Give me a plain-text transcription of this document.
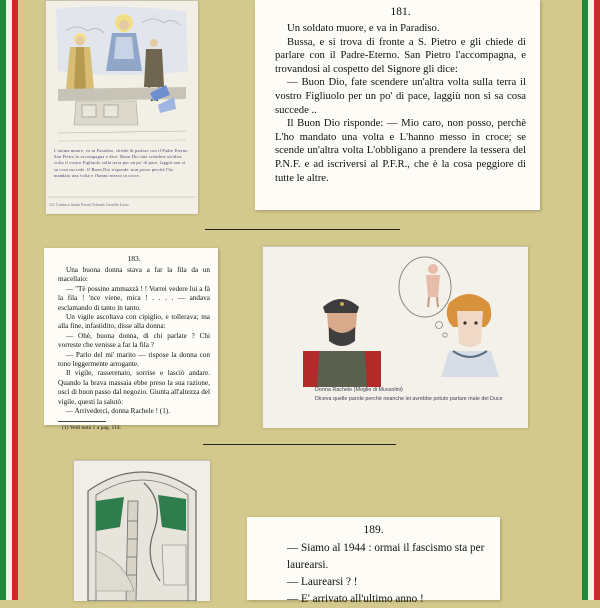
L'anima muore, va in Paradiso, chiede di parlare con il Padre Eterno. San Pietro lo accompagna e dice: Buon Dio fate scendere un'altra volta il vostro Figliuolo sulla terra per un po' di pace, laggiù non si sa cosa succede. Il Buon Dio risponde: non posso perché l'ho mandato una volta e l'hanno messo in croce.
121 Curtinca Sonio Portal Orlando Castello Lussi
181.

Un soldato muore, e va in Paradiso.

Bussa, e si trova di fronte a S. Pietro e gli chiede di parlare con il Padre-Eterno. San Pietro l'accompagna, e trovandosi al cospetto del Signore gli dice:

— Buon Dio, fate scendere un'altra volta sulla terra il vostro Figliuolo per un po' di pace, laggiù non si sa cosa succede ..

Il Buon Dio risponde: — Mio caro, non posso, perchè L'ho mandato una volta e L'hanno messo in croce; se scende un'altra volta L'obbligano a prendere la tessera del P.N.F. e ad iscriversi al P.F.R., che è la cosa peggiore di tutte le altre.

183.

Una buona donna stava a far la fila da un macellaio:

— "Tè possino ammazzà ! ! Vorrei vedere lui a fà la fila ! 'nce viene, mica ! . . . . — andava esclamando di tanto in tanto.

Un vigile ascoltava con cipiglio, e tollerava; ma alla fine, infastidito, disse alla donna:

— Ohè, buona donna, di chi parlate ? Chi vorreste che venisse a far la fila ?

— Parlo del mi' marito — rispose la donna con tono leggermente arrogante.

Il vigile, rasserenato, sorrise e lasciò andare. Quando la brava massaia ebbe preso la sua razione, uscì di buon passo dal negozio. Giunta all'altezza del vigile, questi la salutò:

— Arrivederci, donna Rachele ! (1).

(1) Vedi nota 1 a pag. 114.

Donna Rachele (Moglie di Mussolini)
Diceva quelle parole perchè neanche lei avrebbe potuto parlare male del Duce
189.

— Siamo al 1944 : ormai il fascismo sta per laurearsi.

— Laurearsi ? !

— E' arrivato all'ultimo anno !
